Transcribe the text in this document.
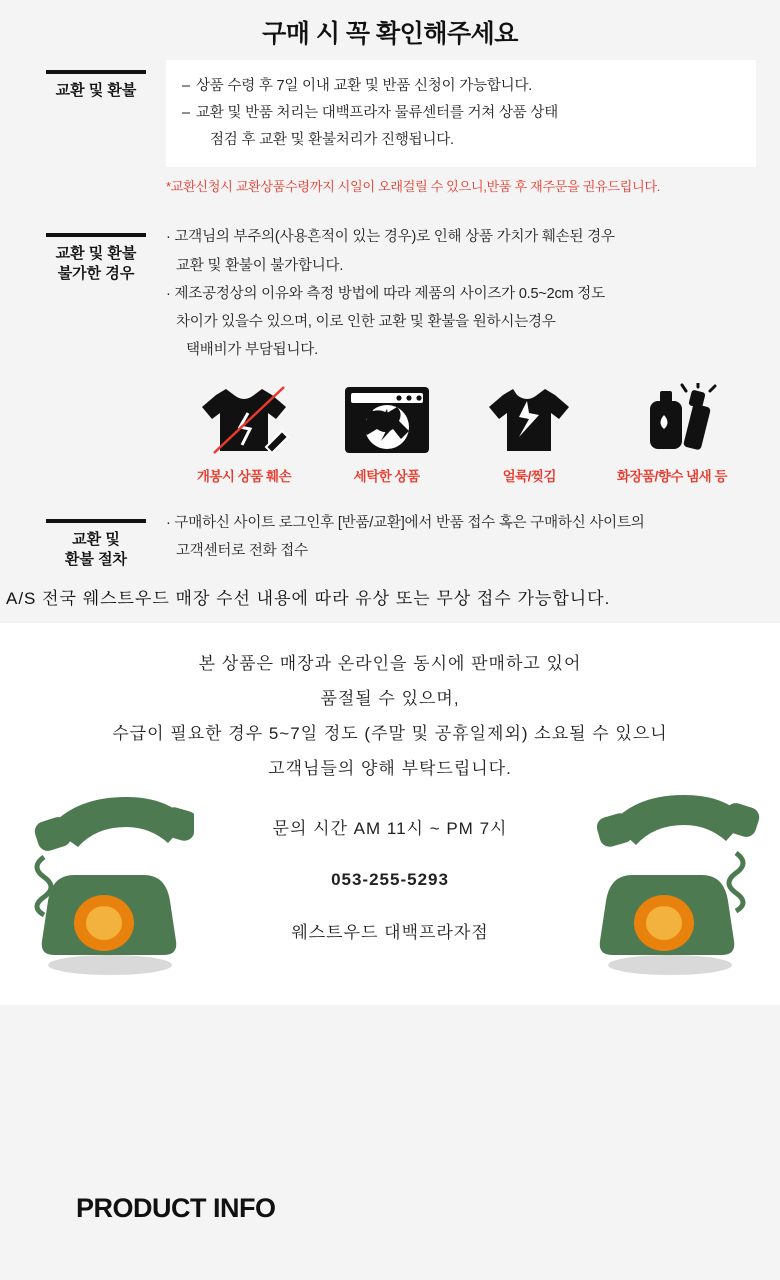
구매 시 꼭 확인해주세요
교환 및 환불	– 상품 수령 후 7일 이내 교환 및 반품 신청이 가능합니다.
– 교환 및 반품 처리는 대백프라자 물류센터를 거쳐 상품 상태
점검 후 교환 및 환불처리가 진행됩니다.
*교환신청시 교환상품수령까지 시일이 오래걸릴 수 있으니,반품 후 재주문을 권유드립니다.
교환 및 환불
불가한 경우
· 고객님의 부주의(사용흔적이 있는 경우)로 인해 상품 가치가 훼손된 경우
교환 및 환불이 불가합니다.
· 제조공정상의 이유와 측정 방법에 따라 제품의 사이즈가 0.5~2cm 정도
차이가 있을수 있으며, 이로 인한 교환 및 환불을 원하시는경우
택배비가 부담됩니다.
개봉시 상품 훼손	세탁한 상품	얼룩/찢김	화장품/향수 냄새 등
교환 및
환불 절차
· 구매하신 사이트 로그인후 [반품/교환]에서 반품 접수 혹은 구매하신 사이트의
고객센터로 전화 접수
A/S 전국 웨스트우드 매장 수선 내용에 따라 유상 또는 무상 접수 가능합니다.

본 상품은 매장과 온라인을 동시에 판매하고 있어

품절될 수 있으며,

수급이 필요한 경우 5~7일 정도 (주말 및 공휴일제외) 소요될 수 있으니

고객님들의 양해 부탁드립니다.

문의 시간 AM 11시 ~ PM 7시

053-255-5293

웨스트우드 대백프라자점

PRODUCT INFO
